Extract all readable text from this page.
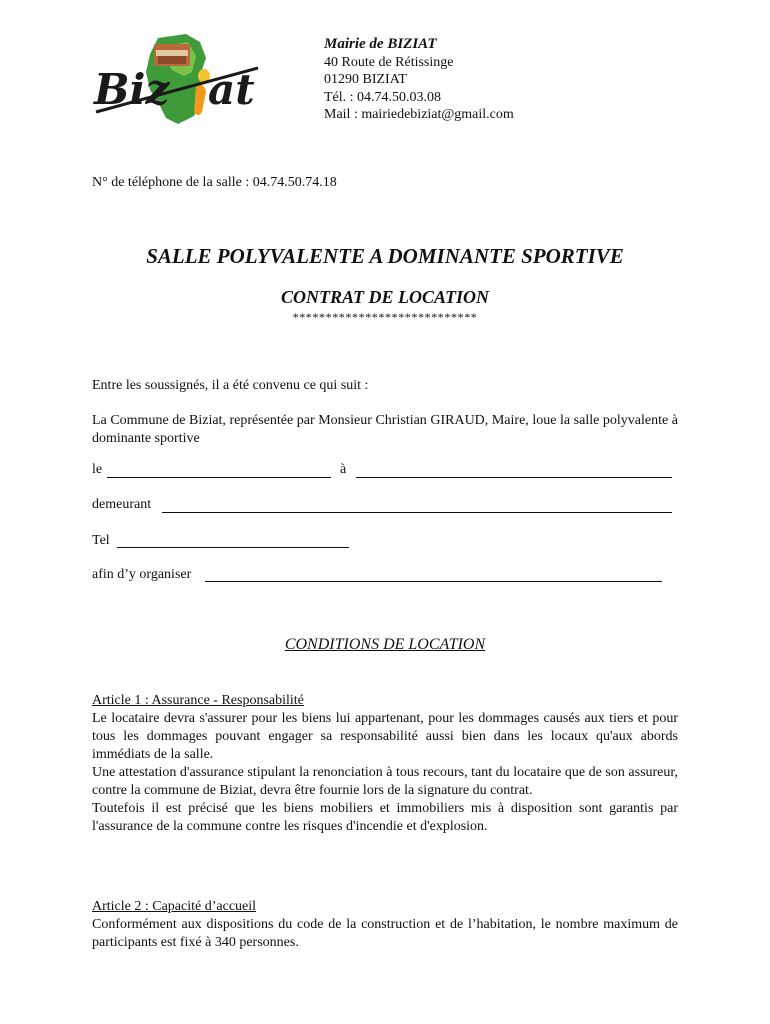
Biz at
Mairie de BIZIAT
40 Route de Rétissinge
01290 BIZIAT
Tél. : 04.74.50.03.08
Mail : mairiedebiziat@gmail.com
N° de téléphone de la salle : 04.74.50.74.18
SALLE POLYVALENTE A DOMINANTE SPORTIVE
CONTRAT DE LOCATION
****************************
Entre les soussignés, il a été convenu ce qui suit :
La Commune de Biziat, représentée par Monsieur Christian GIRAUD, Maire, loue la salle polyvalente à dominante sportive
le	à
demeurant
Tel
afin d’y organiser
CONDITIONS DE LOCATION
Article 1 : Assurance - Responsabilité
Le locataire devra s'assurer pour les biens lui appartenant, pour les dommages causés aux tiers et pour tous les dommages pouvant engager sa responsabilité aussi bien dans les locaux qu'aux abords immédiats de la salle.
Une attestation d'assurance stipulant la renonciation à tous recours, tant du locataire que de son assureur, contre la commune de Biziat, devra être fournie lors de la signature du contrat.
Toutefois il est précisé que les biens mobiliers et immobiliers mis à disposition sont garantis par l'assurance de la commune contre les risques d'incendie et d'explosion.
Article 2 : Capacité d’accueil
Conformément aux dispositions du code de la construction et de l’habitation, le nombre maximum de participants est fixé à 340 personnes.
